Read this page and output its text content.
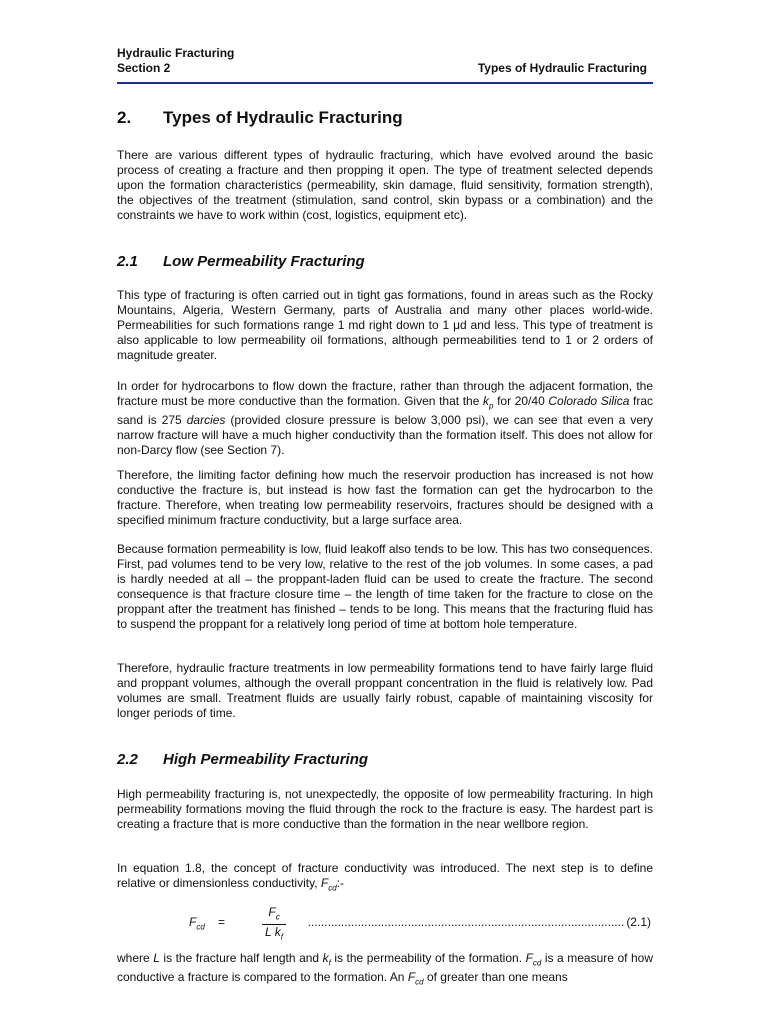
Hydraulic Fracturing
Section 2	Types of Hydraulic Fracturing
2. Types of Hydraulic Fracturing
There are various different types of hydraulic fracturing, which have evolved around the basic process of creating a fracture and then propping it open. The type of treatment selected depends upon the formation characteristics (permeability, skin damage, fluid sensitivity, formation strength), the objectives of the treatment (stimulation, sand control, skin bypass or a combination) and the constraints we have to work within (cost, logistics, equipment etc).
2.1 Low Permeability Fracturing
This type of fracturing is often carried out in tight gas formations, found in areas such as the Rocky Mountains, Algeria, Western Germany, parts of Australia and many other places world-wide. Permeabilities for such formations range 1 md right down to 1 μd and less. This type of treatment is also applicable to low permeability oil formations, although permeabilities tend to 1 or 2 orders of magnitude greater.
In order for hydrocarbons to flow down the fracture, rather than through the adjacent formation, the fracture must be more conductive than the formation. Given that the $k_p$ for 20/40 Colorado Silica frac sand is 275 darcies (provided closure pressure is below 3,000 psi), we can see that even a very narrow fracture will have a much higher conductivity than the formation itself. This does not allow for non-Darcy flow (see Section 7).
Therefore, the limiting factor defining how much the reservoir production has increased is not how conductive the fracture is, but instead is how fast the formation can get the hydrocarbon to the fracture. Therefore, when treating low permeability reservoirs, fractures should be designed with a specified minimum fracture conductivity, but a large surface area.
Because formation permeability is low, fluid leakoff also tends to be low. This has two consequences. First, pad volumes tend to be very low, relative to the rest of the job volumes. In some cases, a pad is hardly needed at all – the proppant-laden fluid can be used to create the fracture. The second consequence is that fracture closure time – the length of time taken for the fracture to close on the proppant after the treatment has finished – tends to be long. This means that the fracturing fluid has to suspend the proppant for a relatively long period of time at bottom hole temperature.
Therefore, hydraulic fracture treatments in low permeability formations tend to have fairly large fluid and proppant volumes, although the overall proppant concentration in the fluid is relatively low. Pad volumes are small. Treatment fluids are usually fairly robust, capable of maintaining viscosity for longer periods of time.
2.2 High Permeability Fracturing
High permeability fracturing is, not unexpectedly, the opposite of low permeability fracturing. In high permeability formations moving the fluid through the rock to the fracture is easy. The hardest part is creating a fracture that is more conductive than the formation in the near wellbore region.
In equation 1.8, the concept of fracture conductivity was introduced. The next step is to define relative or dimensionless conductivity, $F_{cd}:-$
$F_{cd}$ =	$\frac{F_c}{L k_f}$	(2.1)
...............................................................................................
where L is the fracture half length and $k_f$ is the permeability of the formation. $F_{cd}$ is a measure of how conductive a fracture is compared to the formation. An $F_{cd}$ of greater than one means
